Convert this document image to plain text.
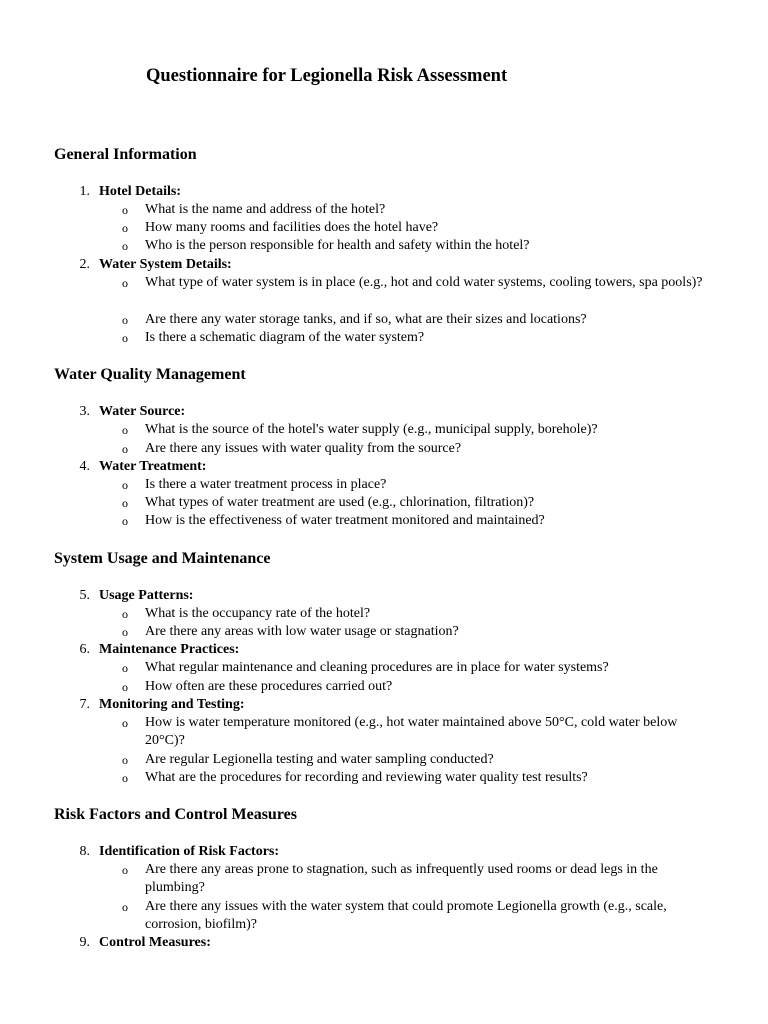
Questionnaire for Legionella Risk Assessment
General Information
1. Hotel Details:
o What is the name and address of the hotel?
o How many rooms and facilities does the hotel have?
o Who is the person responsible for health and safety within the hotel?
2. Water System Details:
o What type of water system is in place (e.g., hot and cold water systems, cooling towers, spa pools)?
o Are there any water storage tanks, and if so, what are their sizes and locations?
o Is there a schematic diagram of the water system?
Water Quality Management
3. Water Source:
o What is the source of the hotel's water supply (e.g., municipal supply, borehole)?
o Are there any issues with water quality from the source?
4. Water Treatment:
o Is there a water treatment process in place?
o What types of water treatment are used (e.g., chlorination, filtration)?
o How is the effectiveness of water treatment monitored and maintained?
System Usage and Maintenance
5. Usage Patterns:
o What is the occupancy rate of the hotel?
o Are there any areas with low water usage or stagnation?
6. Maintenance Practices:
o What regular maintenance and cleaning procedures are in place for water systems?
o How often are these procedures carried out?
7. Monitoring and Testing:
o How is water temperature monitored (e.g., hot water maintained above 50°C, cold water below 20°C)?
o Are regular Legionella testing and water sampling conducted?
o What are the procedures for recording and reviewing water quality test results?
Risk Factors and Control Measures
8. Identification of Risk Factors:
o Are there any areas prone to stagnation, such as infrequently used rooms or dead legs in the plumbing?
o Are there any issues with the water system that could promote Legionella growth (e.g., scale, corrosion, biofilm)?
9. Control Measures:
